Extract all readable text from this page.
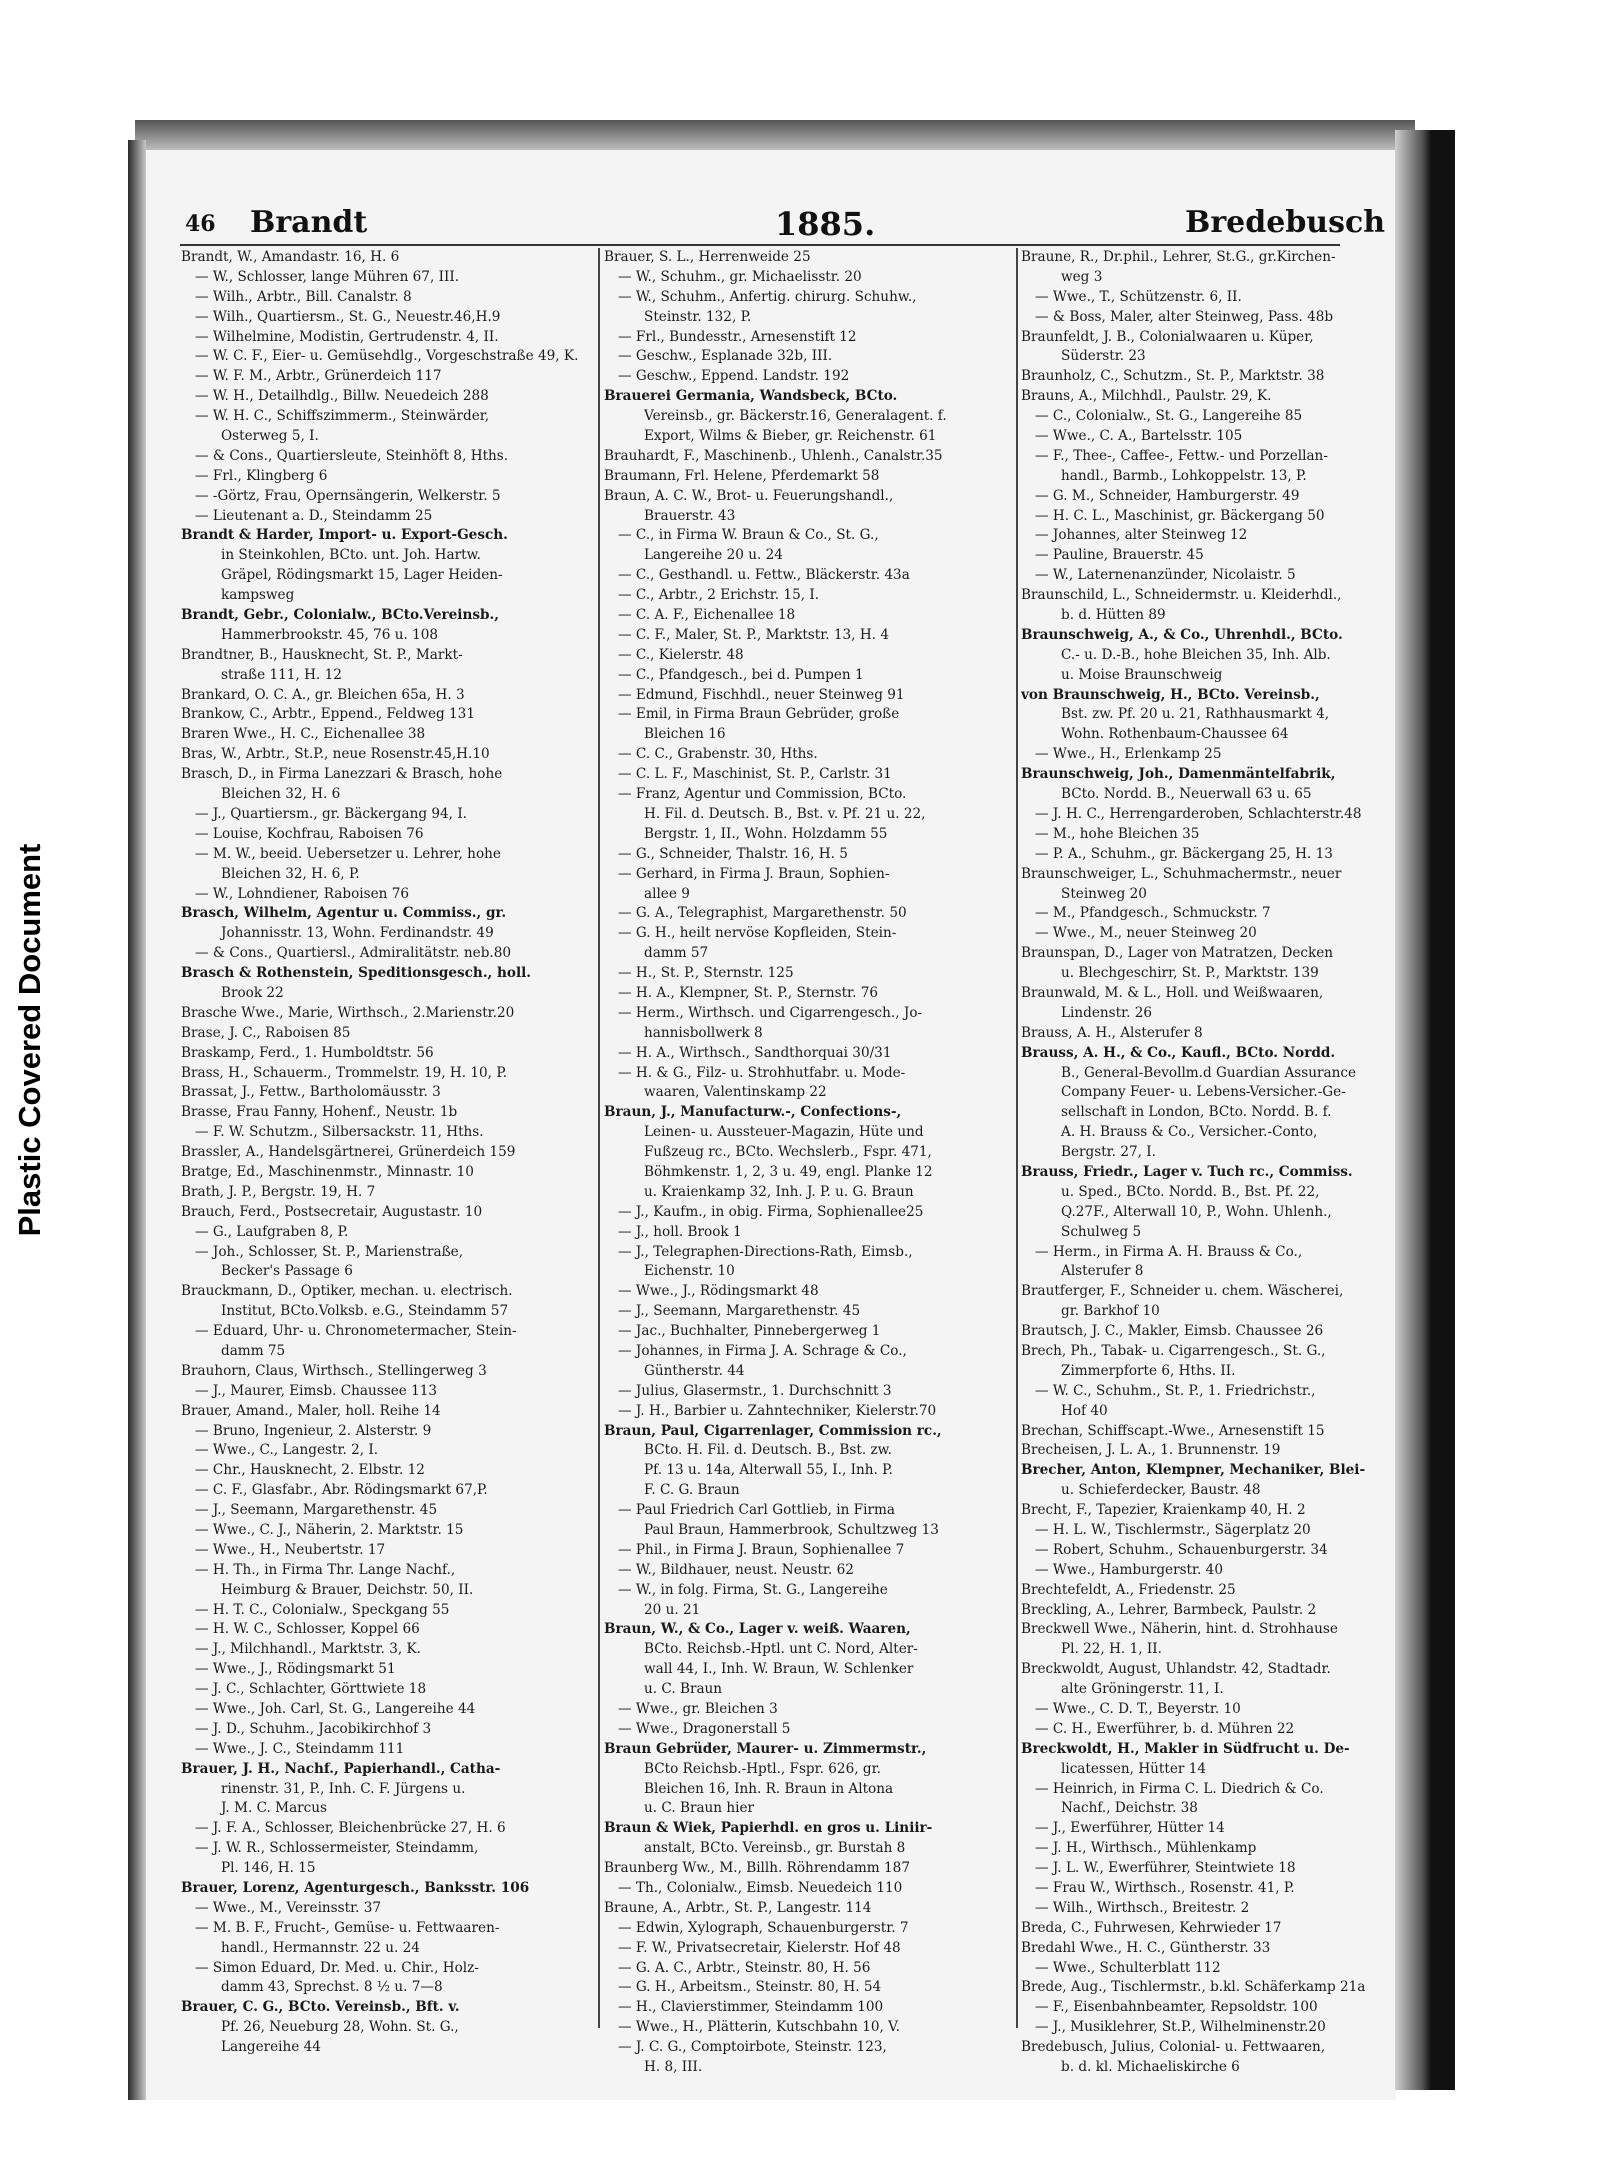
46 Brandt	1885.	Bredebusch
Brandt, W., Amandastr. 16, H. 6
— W., Schlosser, lange Mühren 67, III.
— Wilh., Arbtr., Bill. Canalstr. 8
— Wilh., Quartiersm., St. G., Neuestr.46,H.9
— Wilhelmine, Modistin, Gertrudenstr. 4, II.
— W. C. F., Eier- u. Gemüsehdlg., Vorgeschstraße 49, K.
— W. F. M., Arbtr., Grünerdeich 117
— W. H., Detailhdlg., Billw. Neuedeich 288
— W. H. C., Schiffszimmerm., Steinwärder,
Osterweg 5, I.
— & Cons., Quartiersleute, Steinhöft 8, Hths.
— Frl., Klingberg 6
— -Görtz, Frau, Opernsängerin, Welkerstr. 5
— Lieutenant a. D., Steindamm 25
Brandt & Harder, Import- u. Export-Gesch.
in Steinkohlen, BCto. unt. Joh. Hartw.
Gräpel, Rödingsmarkt 15, Lager Heiden-
kampsweg
Brandt, Gebr., Colonialw., BCto.Vereinsb.,
Hammerbrookstr. 45, 76 u. 108
Brandtner, B., Hausknecht, St. P., Markt-
straße 111, H. 12
Brankard, O. C. A., gr. Bleichen 65a, H. 3
Brankow, C., Arbtr., Eppend., Feldweg 131
Braren Wwe., H. C., Eichenallee 38
Bras, W., Arbtr., St.P., neue Rosenstr.45,H.10
Brasch, D., in Firma Lanezzari & Brasch, hohe
Bleichen 32, H. 6
— J., Quartiersm., gr. Bäckergang 94, I.
— Louise, Kochfrau, Raboisen 76
— M. W., beeid. Uebersetzer u. Lehrer, hohe
Bleichen 32, H. 6, P.
— W., Lohndiener, Raboisen 76
Brasch, Wilhelm, Agentur u. Commiss., gr.
Johannisstr. 13, Wohn. Ferdinandstr. 49
— & Cons., Quartiersl., Admiralitätstr. neb.80
Brasch & Rothenstein, Speditionsgesch., holl.
Brook 22
Brasche Wwe., Marie, Wirthsch., 2.Marienstr.20
Brase, J. C., Raboisen 85
Braskamp, Ferd., 1. Humboldtstr. 56
Brass, H., Schauerm., Trommelstr. 19, H. 10, P.
Brassat, J., Fettw., Bartholomäusstr. 3
Brasse, Frau Fanny, Hohenf., Neustr. 1b
— F. W. Schutzm., Silbersackstr. 11, Hths.
Brassler, A., Handelsgärtnerei, Grünerdeich 159
Bratge, Ed., Maschinenmstr., Minnastr. 10
Brath, J. P., Bergstr. 19, H. 7
Brauch, Ferd., Postsecretair, Augustastr. 10
— G., Laufgraben 8, P.
— Joh., Schlosser, St. P., Marienstraße,
Becker's Passage 6
Brauckmann, D., Optiker, mechan. u. electrisch.
Institut, BCto.Volksb. e.G., Steindamm 57
— Eduard, Uhr- u. Chronometermacher, Stein-
damm 75
Brauhorn, Claus, Wirthsch., Stellingerweg 3
— J., Maurer, Eimsb. Chaussee 113
Brauer, Amand., Maler, holl. Reihe 14
— Bruno, Ingenieur, 2. Alsterstr. 9
— Wwe., C., Langestr. 2, I.
— Chr., Hausknecht, 2. Elbstr. 12
— C. F., Glasfabr., Abr. Rödingsmarkt 67,P.
— J., Seemann, Margarethenstr. 45
— Wwe., C. J., Näherin, 2. Marktstr. 15
— Wwe., H., Neubertstr. 17
— H. Th., in Firma Thr. Lange Nachf.,
Heimburg & Brauer, Deichstr. 50, II.
— H. T. C., Colonialw., Speckgang 55
— H. W. C., Schlosser, Koppel 66
— J., Milchhandl., Marktstr. 3, K.
— Wwe., J., Rödingsmarkt 51
— J. C., Schlachter, Görttwiete 18
— Wwe., Joh. Carl, St. G., Langereihe 44
— J. D., Schuhm., Jacobikirchhof 3
— Wwe., J. C., Steindamm 111
Brauer, J. H., Nachf., Papierhandl., Catha-
rinenstr. 31, P., Inh. C. F. Jürgens u.
J. M. C. Marcus
— J. F. A., Schlosser, Bleichenbrücke 27, H. 6
— J. W. R., Schlossermeister, Steindamm,
Pl. 146, H. 15
Brauer, Lorenz, Agenturgesch., Banksstr. 106
— Wwe., M., Vereinsstr. 37
— M. B. F., Frucht-, Gemüse- u. Fettwaaren-
handl., Hermannstr. 22 u. 24
— Simon Eduard, Dr. Med. u. Chir., Holz-
damm 43, Sprechst. 8 ½ u. 7—8
Brauer, C. G., BCto. Vereinsb., Bft. v.
Pf. 26, Neueburg 28, Wohn. St. G.,
Langereihe 44
Brauer, S. L., Herrenweide 25
— W., Schuhm., gr. Michaelisstr. 20
— W., Schuhm., Anfertig. chirurg. Schuhw.,
Steinstr. 132, P.
— Frl., Bundesstr., Arnesenstift 12
— Geschw., Esplanade 32b, III.
— Geschw., Eppend. Landstr. 192
Brauerei Germania, Wandsbeck, BCto.
Vereinsb., gr. Bäckerstr.16, Generalagent. f.
Export, Wilms & Bieber, gr. Reichenstr. 61
Brauhardt, F., Maschinenb., Uhlenh., Canalstr.35
Braumann, Frl. Helene, Pferdemarkt 58
Braun, A. C. W., Brot- u. Feuerungshandl.,
Brauerstr. 43
— C., in Firma W. Braun & Co., St. G.,
Langereihe 20 u. 24
— C., Gesthandl. u. Fettw., Bläckerstr. 43a
— C., Arbtr., 2 Erichstr. 15, I.
— C. A. F., Eichenallee 18
— C. F., Maler, St. P., Marktstr. 13, H. 4
— C., Kielerstr. 48
— C., Pfandgesch., bei d. Pumpen 1
— Edmund, Fischhdl., neuer Steinweg 91
— Emil, in Firma Braun Gebrüder, große
Bleichen 16
— C. C., Grabenstr. 30, Hths.
— C. L. F., Maschinist, St. P., Carlstr. 31
— Franz, Agentur und Commission, BCto.
H. Fil. d. Deutsch. B., Bst. v. Pf. 21 u. 22,
Bergstr. 1, II., Wohn. Holzdamm 55
— G., Schneider, Thalstr. 16, H. 5
— Gerhard, in Firma J. Braun, Sophien-
allee 9
— G. A., Telegraphist, Margarethenstr. 50
— G. H., heilt nervöse Kopfleiden, Stein-
damm 57
— H., St. P., Sternstr. 125
— H. A., Klempner, St. P., Sternstr. 76
— Herm., Wirthsch. und Cigarrengesch., Jo-
hannisbollwerk 8
— H. A., Wirthsch., Sandthorquai 30/31
— H. & G., Filz- u. Strohhutfabr. u. Mode-
waaren, Valentinskamp 22
Braun, J., Manufacturw.-, Confections-,
Leinen- u. Aussteuer-Magazin, Hüte und
Fußzeug rc., BCto. Wechslerb., Fspr. 471,
Böhmkenstr. 1, 2, 3 u. 49, engl. Planke 12
u. Kraienkamp 32, Inh. J. P. u. G. Braun
— J., Kaufm., in obig. Firma, Sophienallee25
— J., holl. Brook 1
— J., Telegraphen-Directions-Rath, Eimsb.,
Eichenstr. 10
— Wwe., J., Rödingsmarkt 48
— J., Seemann, Margarethenstr. 45
— Jac., Buchhalter, Pinnebergerweg 1
— Johannes, in Firma J. A. Schrage & Co.,
Güntherstr. 44
— Julius, Glasermstr., 1. Durchschnitt 3
— J. H., Barbier u. Zahntechniker, Kielerstr.70
Braun, Paul, Cigarrenlager, Commission rc.,
BCto. H. Fil. d. Deutsch. B., Bst. zw.
Pf. 13 u. 14a, Alterwall 55, I., Inh. P.
F. C. G. Braun
— Paul Friedrich Carl Gottlieb, in Firma
Paul Braun, Hammerbrook, Schultzweg 13
— Phil., in Firma J. Braun, Sophienallee 7
— W., Bildhauer, neust. Neustr. 62
— W., in folg. Firma, St. G., Langereihe
20 u. 21
Braun, W., & Co., Lager v. weiß. Waaren,
BCto. Reichsb.-Hptl. unt C. Nord, Alter-
wall 44, I., Inh. W. Braun, W. Schlenker
u. C. Braun
— Wwe., gr. Bleichen 3
— Wwe., Dragonerstall 5
Braun Gebrüder, Maurer- u. Zimmermstr.,
BCto Reichsb.-Hptl., Fspr. 626, gr.
Bleichen 16, Inh. R. Braun in Altona
u. C. Braun hier
Braun & Wiek, Papierhdl. en gros u. Liniir-
anstalt, BCto. Vereinsb., gr. Burstah 8
Braunberg Ww., M., Billh. Röhrendamm 187
— Th., Colonialw., Eimsb. Neuedeich 110
Braune, A., Arbtr., St. P., Langestr. 114
— Edwin, Xylograph, Schauenburgerstr. 7
— F. W., Privatsecretair, Kielerstr. Hof 48
— G. A. C., Arbtr., Steinstr. 80, H. 56
— G. H., Arbeitsm., Steinstr. 80, H. 54
— H., Clavierstimmer, Steindamm 100
— Wwe., H., Plätterin, Kutschbahn 10, V.
— J. C. G., Comptoirbote, Steinstr. 123,
H. 8, III.
Braune, R., Dr.phil., Lehrer, St.G., gr.Kirchen-
weg 3
— Wwe., T., Schützenstr. 6, II.
— & Boss, Maler, alter Steinweg, Pass. 48b
Braunfeldt, J. B., Colonialwaaren u. Küper,
Süderstr. 23
Braunholz, C., Schutzm., St. P., Marktstr. 38
Brauns, A., Milchhdl., Paulstr. 29, K.
— C., Colonialw., St. G., Langereihe 85
— Wwe., C. A., Bartelsstr. 105
— F., Thee-, Caffee-, Fettw.- und Porzellan-
handl., Barmb., Lohkoppelstr. 13, P.
— G. M., Schneider, Hamburgerstr. 49
— H. C. L., Maschinist, gr. Bäckergang 50
— Johannes, alter Steinweg 12
— Pauline, Brauerstr. 45
— W., Laternenanzünder, Nicolaistr. 5
Braunschild, L., Schneidermstr. u. Kleiderhdl.,
b. d. Hütten 89
Braunschweig, A., & Co., Uhrenhdl., BCto.
C.- u. D.-B., hohe Bleichen 35, Inh. Alb.
u. Moise Braunschweig
von Braunschweig, H., BCto. Vereinsb.,
Bst. zw. Pf. 20 u. 21, Rathhausmarkt 4,
Wohn. Rothenbaum-Chaussee 64
— Wwe., H., Erlenkamp 25
Braunschweig, Joh., Damenmäntelfabrik,
BCto. Nordd. B., Neuerwall 63 u. 65
— J. H. C., Herrengarderoben, Schlachterstr.48
— M., hohe Bleichen 35
— P. A., Schuhm., gr. Bäckergang 25, H. 13
Braunschweiger, L., Schuhmachermstr., neuer
Steinweg 20
— M., Pfandgesch., Schmuckstr. 7
— Wwe., M., neuer Steinweg 20
Braunspan, D., Lager von Matratzen, Decken
u. Blechgeschirr, St. P., Marktstr. 139
Braunwald, M. & L., Holl. und Weißwaaren,
Lindenstr. 26
Brauss, A. H., Alsterufer 8
Brauss, A. H., & Co., Kaufl., BCto. Nordd.
B., General-Bevollm.d Guardian Assurance
Company Feuer- u. Lebens-Versicher.-Ge-
sellschaft in London, BCto. Nordd. B. f.
A. H. Brauss & Co., Versicher.-Conto,
Bergstr. 27, I.
Brauss, Friedr., Lager v. Tuch rc., Commiss.
u. Sped., BCto. Nordd. B., Bst. Pf. 22,
Q.27F., Alterwall 10, P., Wohn. Uhlenh.,
Schulweg 5
— Herm., in Firma A. H. Brauss & Co.,
Alsterufer 8
Brautferger, F., Schneider u. chem. Wäscherei,
gr. Barkhof 10
Brautsch, J. C., Makler, Eimsb. Chaussee 26
Brech, Ph., Tabak- u. Cigarrengesch., St. G.,
Zimmerpforte 6, Hths. II.
— W. C., Schuhm., St. P., 1. Friedrichstr.,
Hof 40
Brechan, Schiffscapt.-Wwe., Arnesenstift 15
Brecheisen, J. L. A., 1. Brunnenstr. 19
Brecher, Anton, Klempner, Mechaniker, Blei-
u. Schieferdecker, Baustr. 48
Brecht, F., Tapezier, Kraienkamp 40, H. 2
— H. L. W., Tischlermstr., Sägerplatz 20
— Robert, Schuhm., Schauenburgerstr. 34
— Wwe., Hamburgerstr. 40
Brechtefeldt, A., Friedenstr. 25
Breckling, A., Lehrer, Barmbeck, Paulstr. 2
Breckwell Wwe., Näherin, hint. d. Strohhause
Pl. 22, H. 1, II.
Breckwoldt, August, Uhlandstr. 42, Stadtadr.
alte Gröningerstr. 11, I.
— Wwe., C. D. T., Beyerstr. 10
— C. H., Ewerführer, b. d. Mühren 22
Breckwoldt, H., Makler in Südfrucht u. De-
licatessen, Hütter 14
— Heinrich, in Firma C. L. Diedrich & Co.
Nachf., Deichstr. 38
— J., Ewerführer, Hütter 14
— J. H., Wirthsch., Mühlenkamp
— J. L. W., Ewerführer, Steintwiete 18
— Frau W., Wirthsch., Rosenstr. 41, P.
— Wilh., Wirthsch., Breitestr. 2
Breda, C., Fuhrwesen, Kehrwieder 17
Bredahl Wwe., H. C., Güntherstr. 33
— Wwe., Schulterblatt 112
Brede, Aug., Tischlermstr., b.kl. Schäferkamp 21a
— F., Eisenbahnbeamter, Repsoldstr. 100
— J., Musiklehrer, St.P., Wilhelminenstr.20
Bredebusch, Julius, Colonial- u. Fettwaaren,
b. d. kl. Michaeliskirche 6
Plastic Covered Document
